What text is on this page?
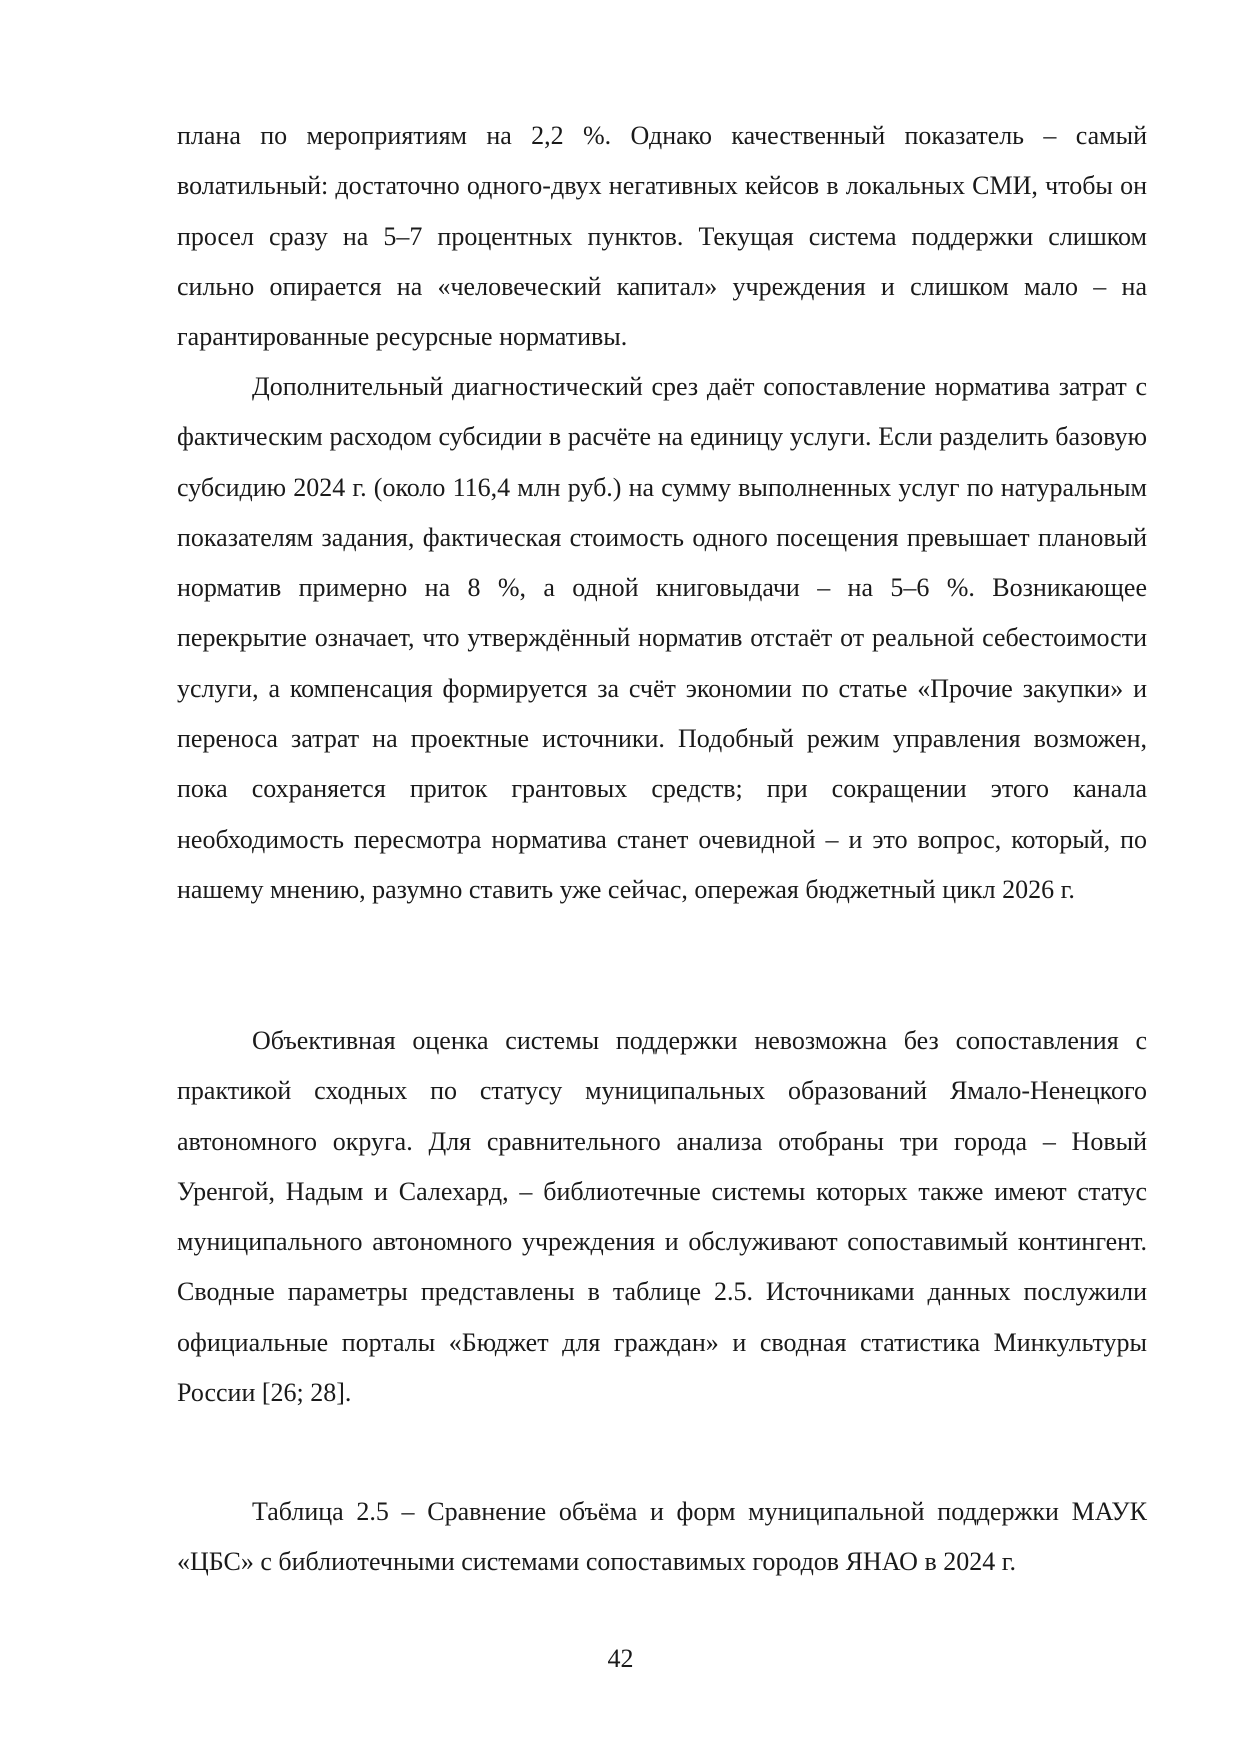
плана по мероприятиям на 2,2 %. Однако качественный показатель – самый волатильный: достаточно одного-двух негативных кейсов в локальных СМИ, чтобы он просел сразу на 5–7 процентных пунктов. Текущая система поддержки слишком сильно опирается на «человеческий капитал» учреждения и слишком мало – на гарантированные ресурсные нормативы.

Дополнительный диагностический срез даёт сопоставление норматива затрат с фактическим расходом субсидии в расчёте на единицу услуги. Если разделить базовую субсидию 2024 г. (около 116,4 млн руб.) на сумму выполненных услуг по натуральным показателям задания, фактическая стоимость одного посещения превышает плановый норматив примерно на 8 %, а одной книговыдачи – на 5–6 %. Возникающее перекрытие означает, что утверждённый норматив отстаёт от реальной себестоимости услуги, а компенсация формируется за счёт экономии по статье «Прочие закупки» и переноса затрат на проектные источники. Подобный режим управления возможен, пока сохраняется приток грантовых средств; при сокращении этого канала необходимость пересмотра норматива станет очевидной – и это вопрос, который, по нашему мнению, разумно ставить уже сейчас, опережая бюджетный цикл 2026 г.

Объективная оценка системы поддержки невозможна без сопоставления с практикой сходных по статусу муниципальных образований Ямало-Ненецкого автономного округа. Для сравнительного анализа отобраны три города – Новый Уренгой, Надым и Салехард, – библиотечные системы которых также имеют статус муниципального автономного учреждения и обслуживают сопоставимый контингент. Сводные параметры представлены в таблице 2.5. Источниками данных послужили официальные порталы «Бюджет для граждан» и сводная статистика Минкультуры России [26; 28].

Таблица 2.5 – Сравнение объёма и форм муниципальной поддержки МАУК «ЦБС» с библиотечными системами сопоставимых городов ЯНАО в 2024 г.

42
